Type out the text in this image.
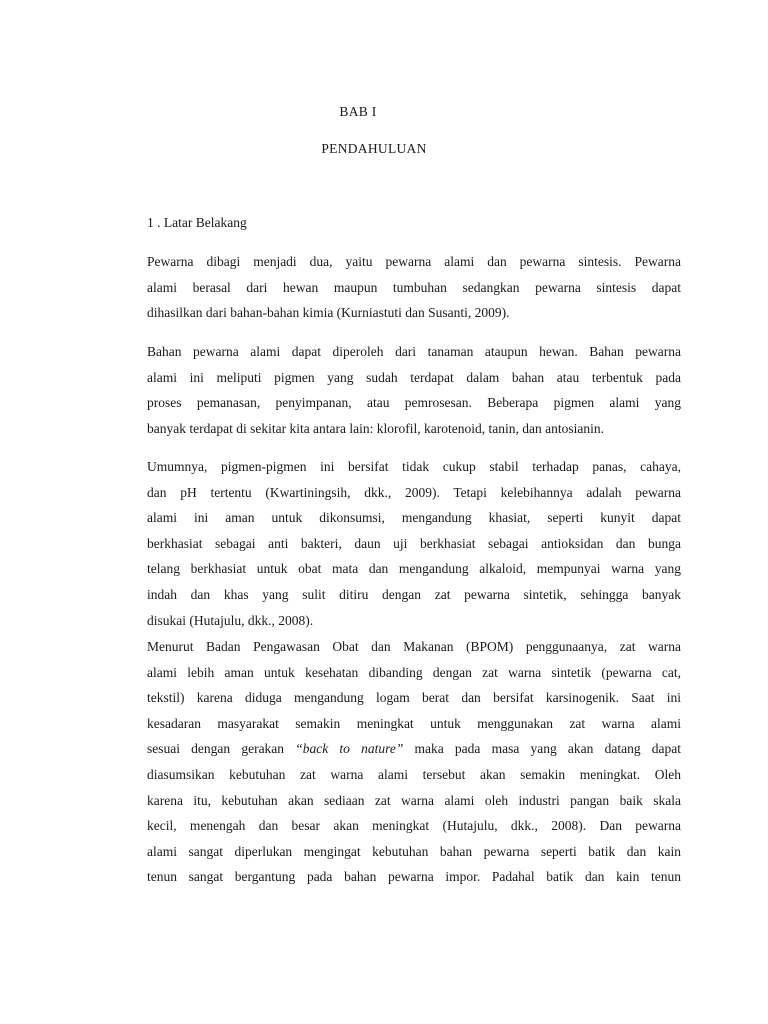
BAB I
PENDAHULUAN
1 . Latar Belakang
Pewarna dibagi menjadi dua, yaitu pewarna alami dan pewarna sintesis. Pewarna
alami berasal dari hewan maupun tumbuhan sedangkan pewarna sintesis dapat
dihasilkan dari bahan-bahan kimia (Kurniastuti dan Susanti, 2009).
Bahan pewarna alami dapat diperoleh dari tanaman ataupun hewan. Bahan pewarna
alami ini meliputi pigmen yang sudah terdapat dalam bahan atau terbentuk pada
proses pemanasan, penyimpanan, atau pemrosesan. Beberapa pigmen alami yang
banyak terdapat di sekitar kita antara lain: klorofil, karotenoid, tanin, dan antosianin.
Umumnya, pigmen-pigmen ini bersifat tidak cukup stabil terhadap panas, cahaya,
dan pH tertentu (Kwartiningsih, dkk., 2009). Tetapi kelebihannya adalah pewarna
alami ini aman untuk dikonsumsi, mengandung khasiat, seperti kunyit dapat
berkhasiat sebagai anti bakteri, daun uji berkhasiat sebagai antioksidan dan bunga
telang berkhasiat untuk obat mata dan mengandung alkaloid, mempunyai warna yang
indah dan khas yang sulit ditiru dengan zat pewarna sintetik, sehingga banyak
disukai (Hutajulu, dkk., 2008).
Menurut Badan Pengawasan Obat dan Makanan (BPOM) penggunaanya, zat warna
alami lebih aman untuk kesehatan dibanding dengan zat warna sintetik (pewarna cat,
tekstil) karena diduga mengandung logam berat dan bersifat karsinogenik. Saat ini
kesadaran masyarakat semakin meningkat untuk menggunakan zat warna alami
sesuai dengan gerakan “back to nature” maka pada masa yang akan datang dapat
diasumsikan kebutuhan zat warna alami tersebut akan semakin meningkat. Oleh
karena itu, kebutuhan akan sediaan zat warna alami oleh industri pangan baik skala
kecil, menengah dan besar akan meningkat (Hutajulu, dkk., 2008). Dan pewarna
alami sangat diperlukan mengingat kebutuhan bahan pewarna seperti batik dan kain
tenun sangat bergantung pada bahan pewarna impor. Padahal batik dan kain tenun
